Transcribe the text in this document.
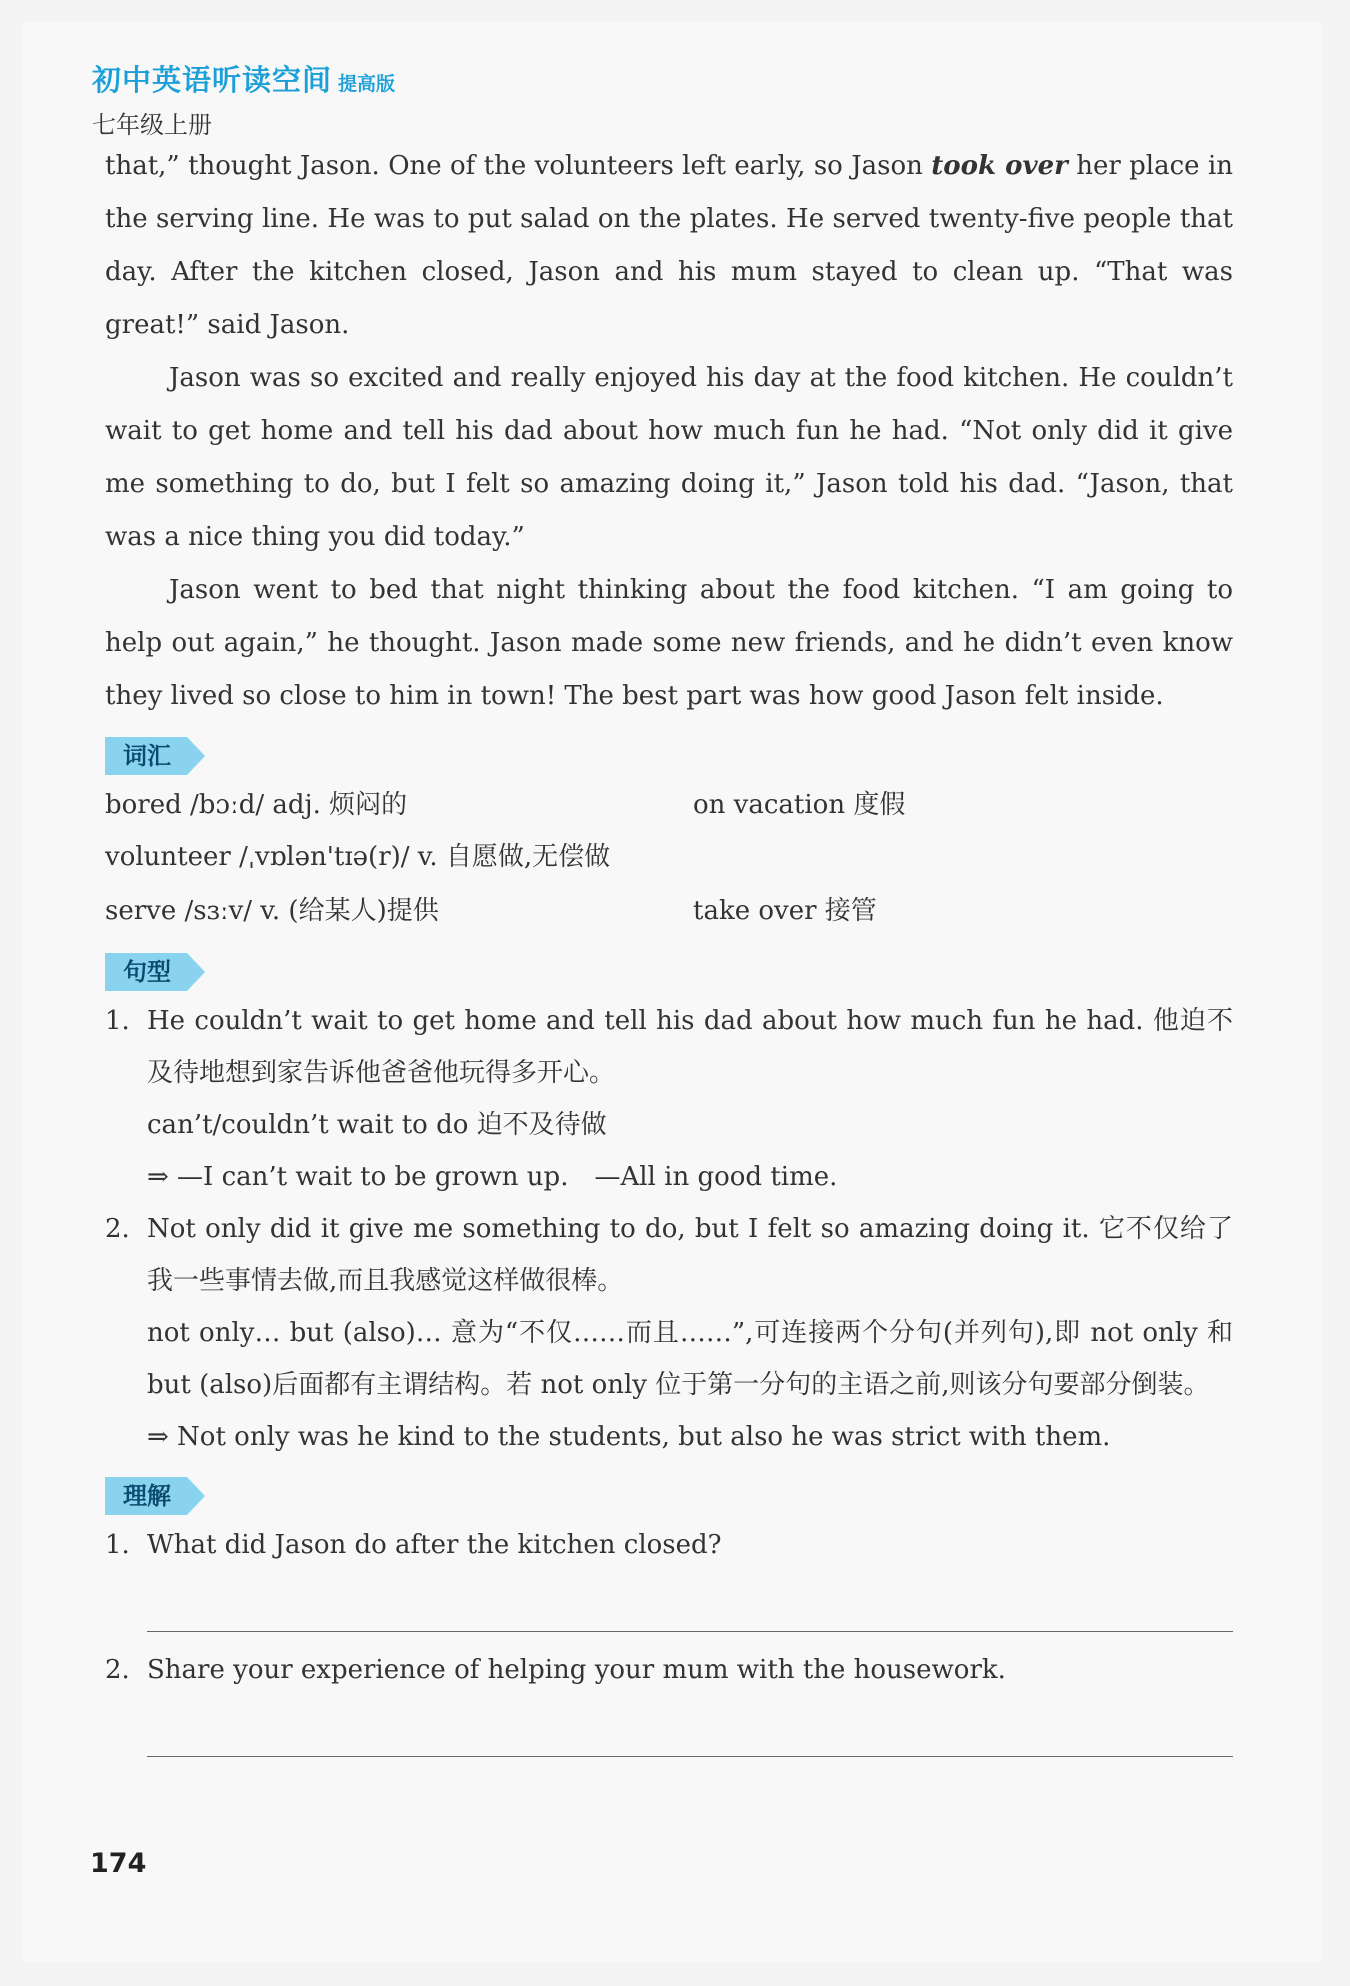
初中英语听读空间 提高版
七年级上册

that,” thought Jason. One of the volunteers left early, so Jason took over her place in the serving line. He was to put salad on the plates. He served twenty-five people that day. After the kitchen closed, Jason and his mum stayed to clean up. “That was great!” said Jason.

Jason was so excited and really enjoyed his day at the food kitchen. He couldn’t wait to get home and tell his dad about how much fun he had. “Not only did it give me something to do, but I felt so amazing doing it,” Jason told his dad. “Jason, that was a nice thing you did today.”

Jason went to bed that night thinking about the food kitchen. “I am going to help out again,” he thought. Jason made some new friends, and he didn’t even know they lived so close to him in town! The best part was how good Jason felt inside.

词汇
bored /bɔːd/ adj. 烦闷的	on vacation 度假
volunteer /ˌvɒlən'tɪə(r)/ v. 自愿做,无偿做
serve /sɜːv/ v. (给某人)提供	take over 接管
句型
1. He couldn’t wait to get home and tell his dad about how much fun he had. 他迫不及待地想到家告诉他爸爸他玩得多开心。

can’t/couldn’t wait to do 迫不及待做

⇒ —I can’t wait to be grown up.　—All in good time.

2. Not only did it give me something to do, but I felt so amazing doing it. 它不仅给了我一些事情去做,而且我感觉这样做很棒。

not only… but (also)… 意为“不仅……而且……”,可连接两个分句(并列句),即 not only 和 but (also)后面都有主谓结构。若 not only 位于第一分句的主语之前,则该分句要部分倒装。

⇒ Not only was he kind to the students, but also he was strict with them.

理解
1. What did Jason do after the kitchen closed?
2. Share your experience of helping your mum with the housework.
174
